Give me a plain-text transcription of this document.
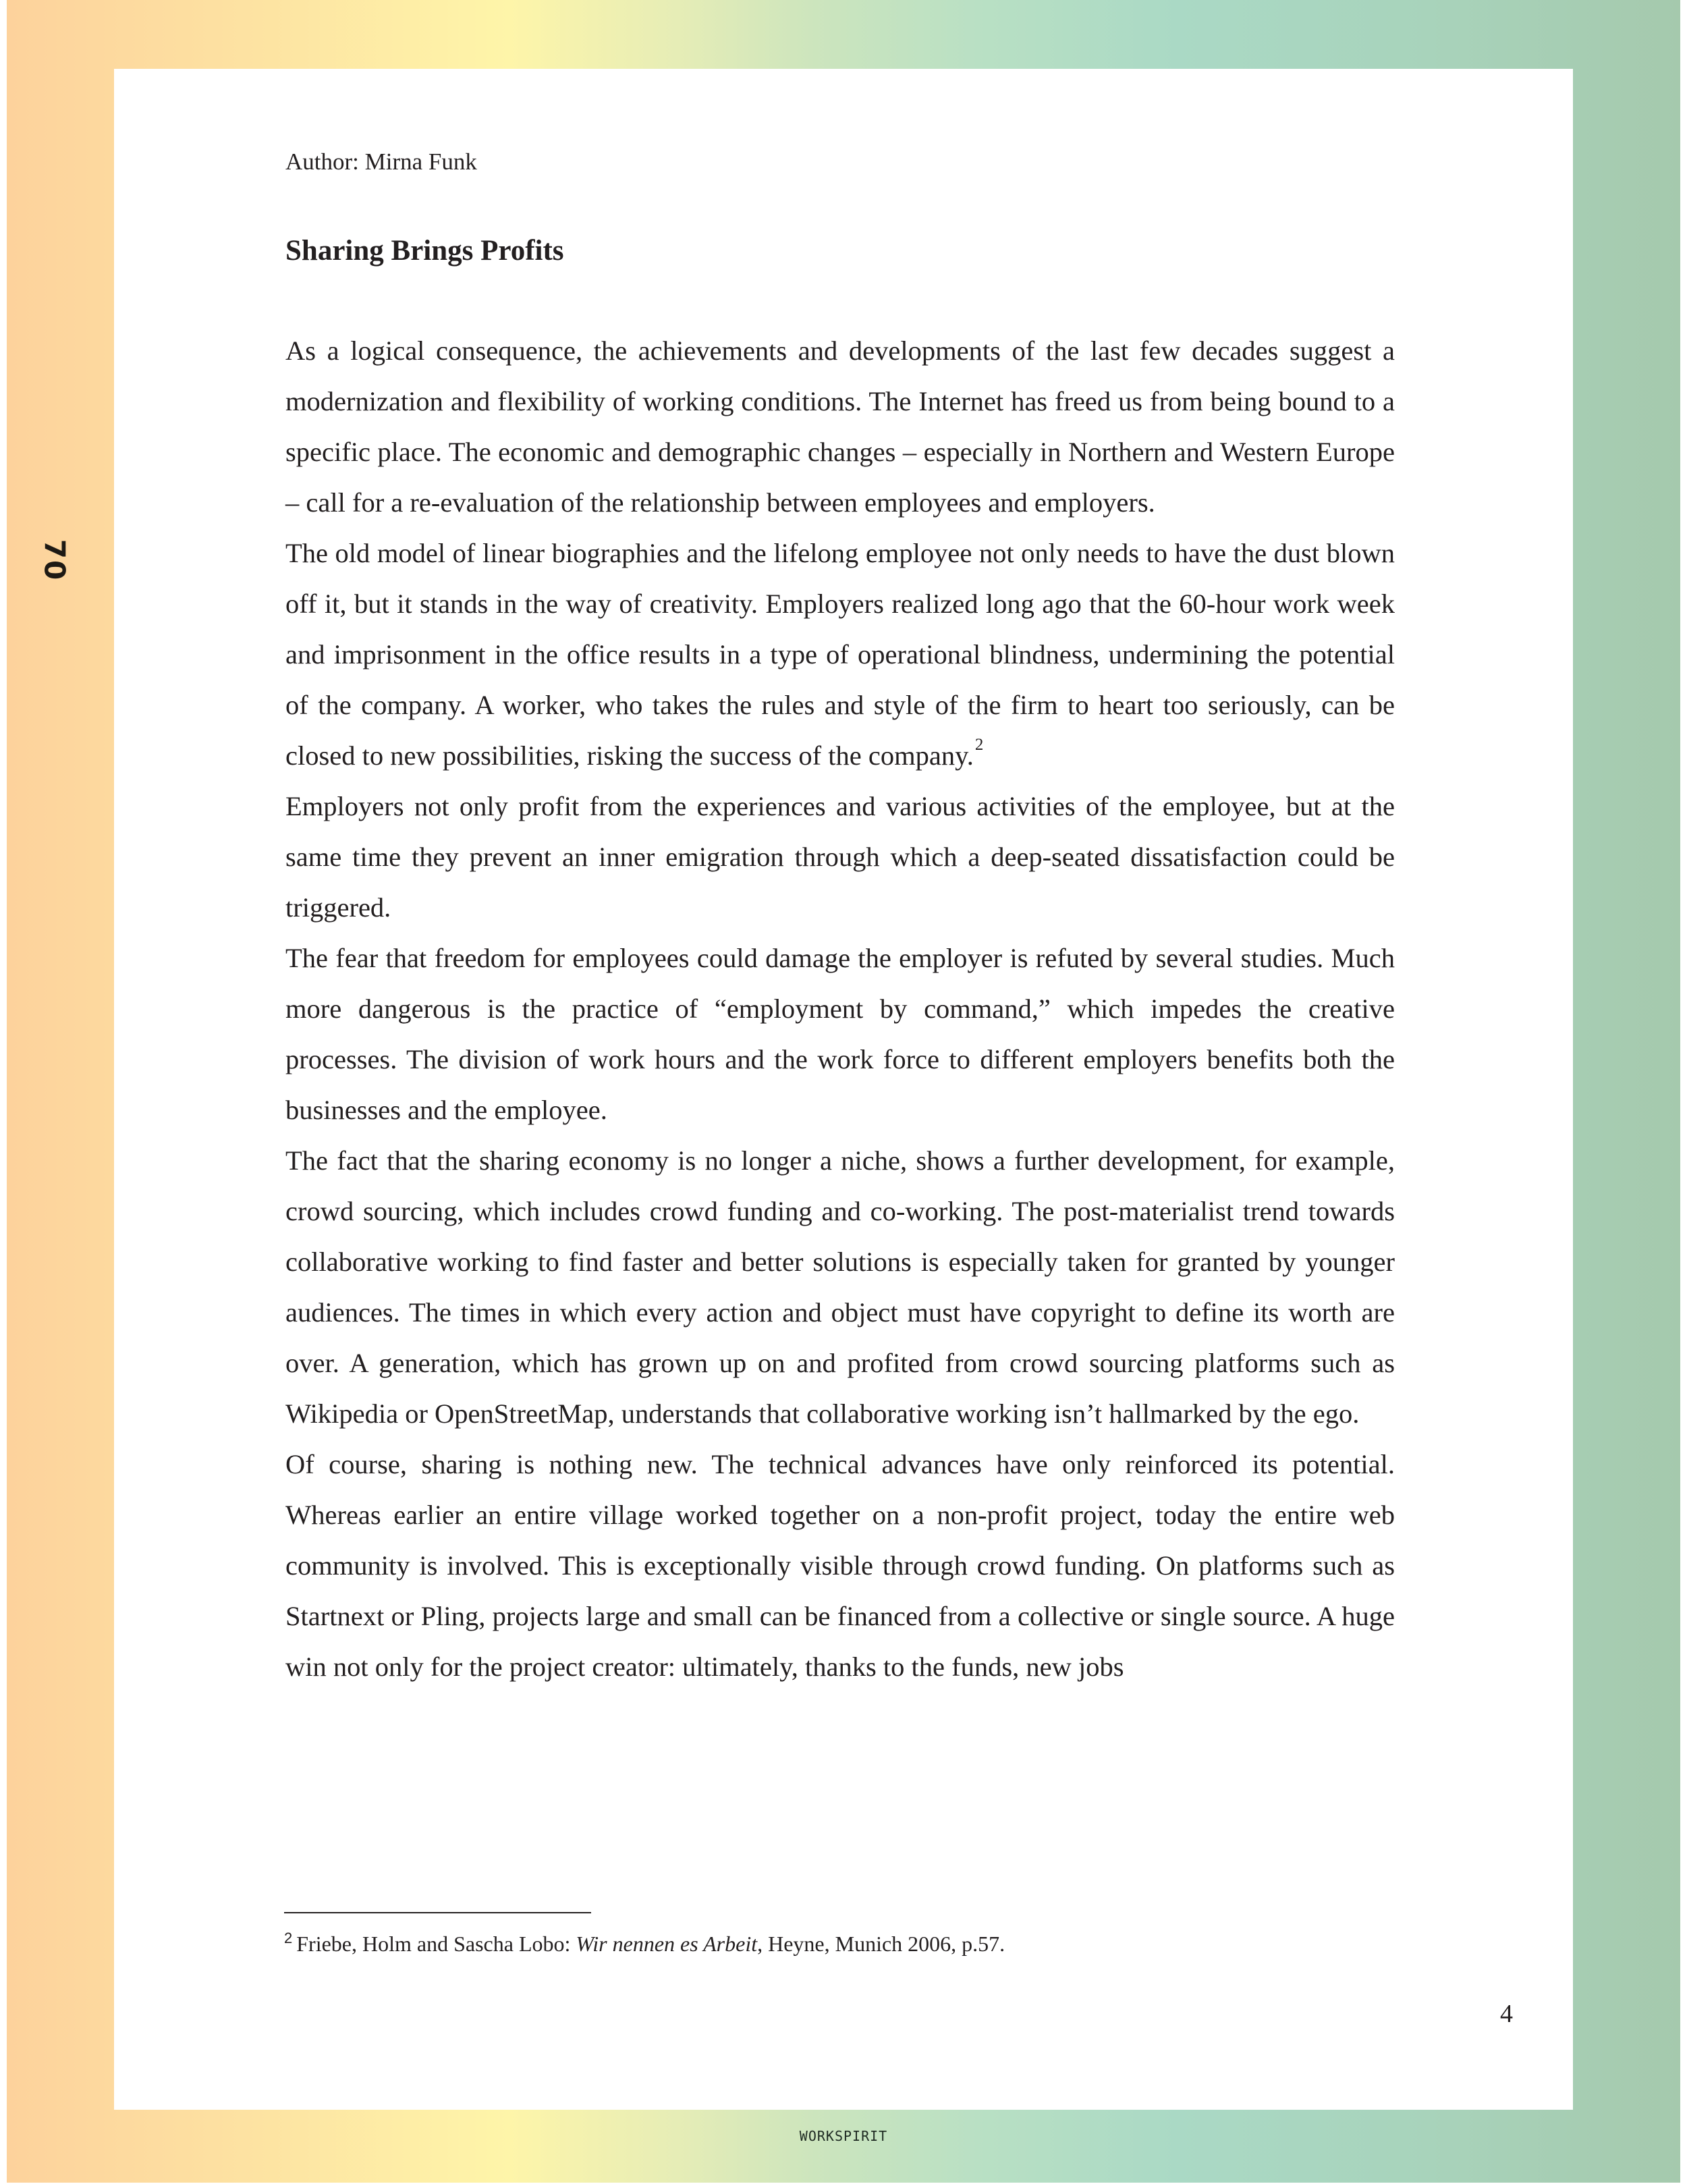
70
Author: Mirna Funk
Sharing Brings Profits

As a logical consequence, the achievements and developments of the last few decades suggest a modernization and flexibility of working conditions. The Internet has freed us from being bound to a specific place. The economic and demographic changes – especially in Northern and Western Europe – call for a re-evaluation of the relationship between employees and employers.

The old model of linear biographies and the lifelong employee not only needs to have the dust blown off it, but it stands in the way of creativity. Employers realized long ago that the 60-hour work week and imprisonment in the office results in a type of operational blindness, undermining the potential of the company. A worker, who takes the rules and style of the firm to heart too seriously, can be closed to new possibilities, risking the success of the company.$^2$

Employers not only profit from the experiences and various activities of the employee, but at the same time they prevent an inner emigration through which a deep-seated dissatisfaction could be triggered.

The fear that freedom for employees could damage the employer is refuted by several studies. Much more dangerous is the practice of “employment by command,” which impedes the creative processes. The division of work hours and the work force to different employers benefits both the businesses and the employee.

The fact that the sharing economy is no longer a niche, shows a further development, for example, crowd sourcing, which includes crowd funding and co-working. The post-materialist trend towards collaborative working to find faster and better solutions is especially taken for granted by younger audiences. The times in which every action and object must have copyright to define its worth are over. A generation, which has grown up on and profited from crowd sourcing platforms such as Wikipedia or OpenStreetMap, understands that collaborative working isn’t hallmarked by the ego.

Of course, sharing is nothing new. The technical advances have only reinforced its potential. Whereas earlier an entire village worked together on a non-profit project, today the entire web community is involved. This is exceptionally visible through crowd funding. On platforms such as Startnext or Pling, projects large and small can be financed from a collective or single source. A huge win not only for the project creator: ultimately, thanks to the funds, new jobs

$^2$ Friebe, Holm and Sascha Lobo: Wir nennen es Arbeit, Heyne, Munich 2006, p.57.
4
WORKSPIRIT
